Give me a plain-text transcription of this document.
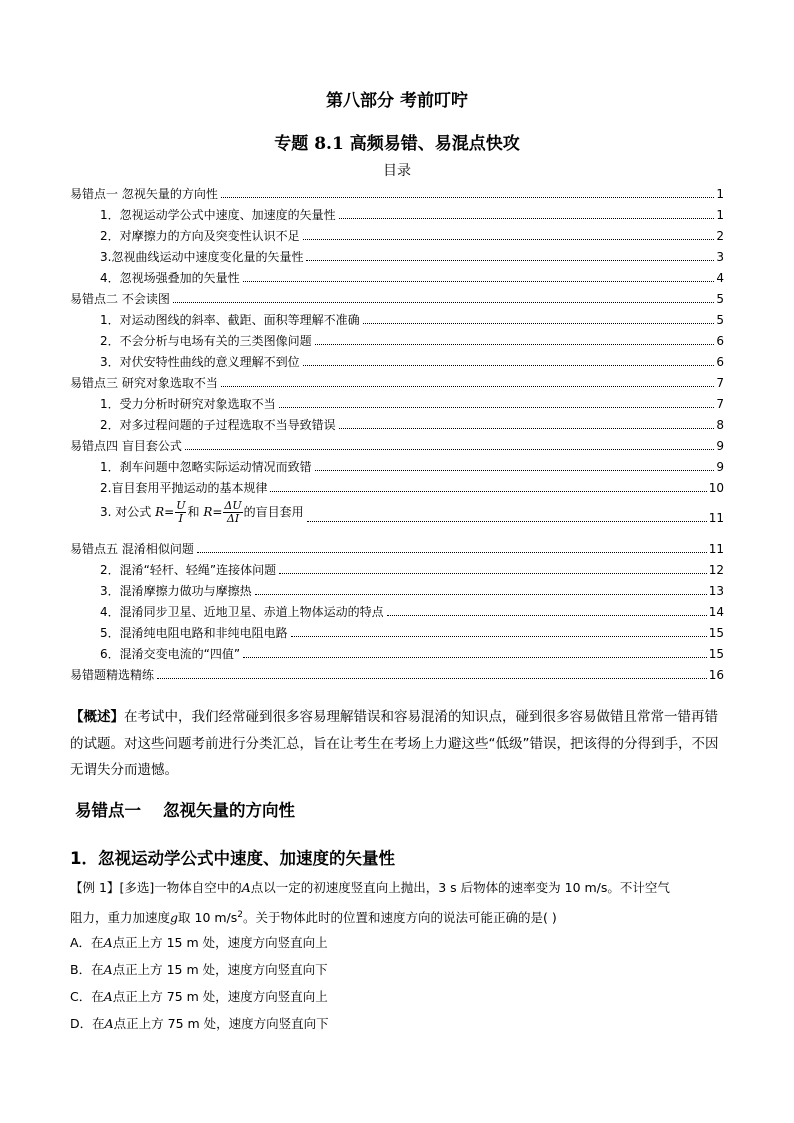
第八部分 考前叮咛
专题 8.1 高频易错、易混点快攻
目录
易错点一 忽视矢量的方向性	1
1．忽视运动学公式中速度、加速度的矢量性	1
2．对摩擦力的方向及突变性认识不足	2
3.忽视曲线运动中速度变化量的矢量性	3
4．忽视场强叠加的矢量性	4
易错点二 不会读图	5
1．对运动图线的斜率、截距、面积等理解不准确	5
2．不会分析与电场有关的三类图像问题	6
3．对伏安特性曲线的意义理解不到位	6
易错点三 研究对象选取不当	7
1．受力分析时研究对象选取不当	7
2．对多过程问题的子过程选取不当导致错误	8
易错点四 盲目套公式	9
1．刹车问题中忽略实际运动情况而致错	9
2.盲目套用平抛运动的基本规律	10
3. 对公式 $R= \frac{U}{I}$ 和 $R= \frac{\Delta U}{\Delta I}$ 的盲目套用	11
易错点五 混淆相似问题	11
2．混淆“轻杆、轻绳”连接体问题	12
3．混淆摩擦力做功与摩擦热	13
4．混淆同步卫星、近地卫星、赤道上物体运动的特点	14
5．混淆纯电阻电路和非纯电阻电路	15
6．混淆交变电流的“四值”	15
易错题精选精练	16
【概述】在考试中，我们经常碰到很多容易理解错误和容易混淆的知识点，碰到很多容易做错且常常一错再错的试题。对这些问题考前进行分类汇总，旨在让考生在考场上力避这些“低级”错误，把该得的分得到手，不因无谓失分而遗憾。
易错点一 忽视矢量的方向性
1．忽视运动学公式中速度、加速度的矢量性
【例 1】[多选]一物体自空中的A点以一定的初速度竖直向上抛出，3 s 后物体的速率变为 10 m/s。不计空气
阻力，重力加速度g取 10 $m/s^2$。关于物体此时的位置和速度方向的说法可能正确的是( )
A．在A点正上方 15 m 处，速度方向竖直向上
B．在A点正上方 15 m 处，速度方向竖直向下
C．在A点正上方 75 m 处，速度方向竖直向上
D．在A点正上方 75 m 处，速度方向竖直向下
